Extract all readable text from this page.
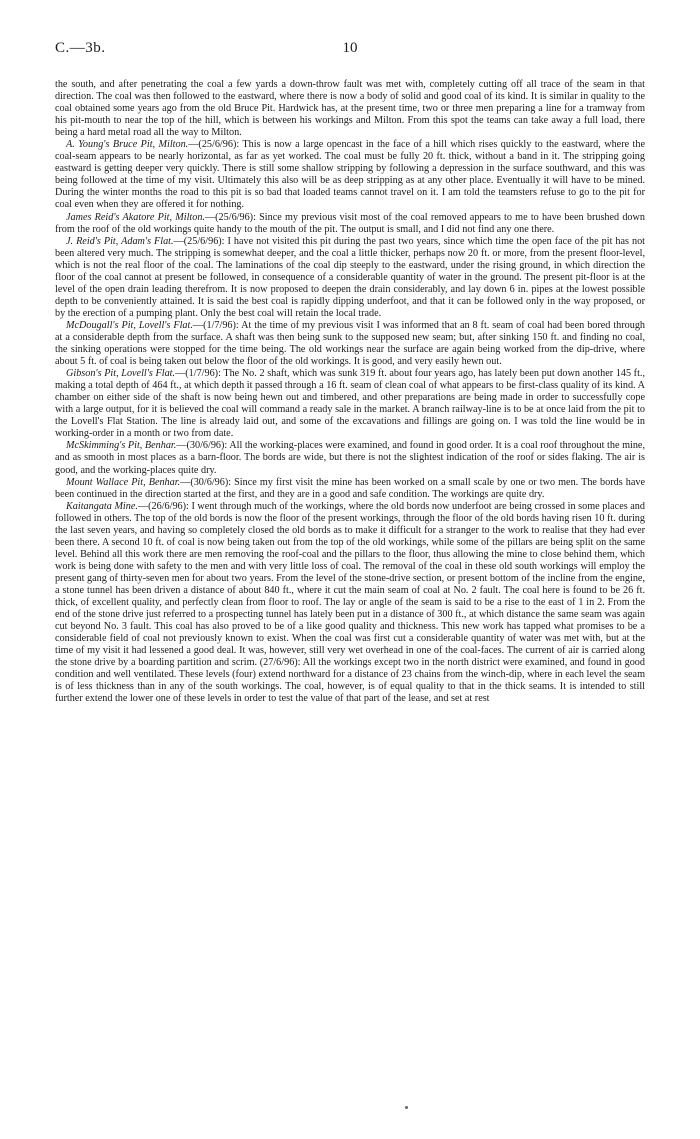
C.—3b.	10

the south, and after penetrating the coal a few yards a down-throw fault was met with, completely cutting off all trace of the seam in that direction. The coal was then followed to the eastward, where there is now a body of solid and good coal of its kind. It is similar in quality to the coal obtained some years ago from the old Bruce Pit. Hardwick has, at the present time, two or three men preparing a line for a tramway from his pit-mouth to near the top of the hill, which is between his workings and Milton. From this spot the teams can take away a full load, there being a hard metal road all the way to Milton.

A. Young's Bruce Pit, Milton.—(25/6/96): This is now a large opencast in the face of a hill which rises quickly to the eastward, where the coal-seam appears to be nearly horizontal, as far as yet worked. The coal must be fully 20 ft. thick, without a band in it. The stripping going eastward is getting deeper very quickly. There is still some shallow stripping by following a depression in the surface southward, and this was being followed at the time of my visit. Ultimately this also will be as deep stripping as at any other place. Eventually it will have to be mined. During the winter months the road to this pit is so bad that loaded teams cannot travel on it. I am told the teamsters refuse to go to the pit for coal even when they are offered it for nothing.

James Reid's Akatore Pit, Milton.—(25/6/96): Since my previous visit most of the coal removed appears to me to have been brushed down from the roof of the old workings quite handy to the mouth of the pit. The output is small, and I did not find any one there.

J. Reid's Pit, Adam's Flat.—(25/6/96): I have not visited this pit during the past two years, since which time the open face of the pit has not been altered very much. The stripping is somewhat deeper, and the coal a little thicker, perhaps now 20 ft. or more, from the present floor-level, which is not the real floor of the coal. The laminations of the coal dip steeply to the eastward, under the rising ground, in which direction the floor of the coal cannot at present be followed, in consequence of a considerable quantity of water in the ground. The present pit-floor is at the level of the open drain leading therefrom. It is now proposed to deepen the drain considerably, and lay down 6 in. pipes at the lowest possible depth to be conveniently attained. It is said the best coal is rapidly dipping underfoot, and that it can be followed only in the way proposed, or by the erection of a pumping plant. Only the best coal will retain the local trade.

McDougall's Pit, Lovell's Flat.—(1/7/96): At the time of my previous visit I was informed that an 8 ft. seam of coal had been bored through at a considerable depth from the surface. A shaft was then being sunk to the supposed new seam; but, after sinking 150 ft. and finding no coal, the sinking operations were stopped for the time being. The old workings near the surface are again being worked from the dip-drive, where about 5 ft. of coal is being taken out below the floor of the old workings. It is good, and very easily hewn out.

Gibson's Pit, Lovell's Flat.—(1/7/96): The No. 2 shaft, which was sunk 319 ft. about four years ago, has lately been put down another 145 ft., making a total depth of 464 ft., at which depth it passed through a 16 ft. seam of clean coal of what appears to be first-class quality of its kind. A chamber on either side of the shaft is now being hewn out and timbered, and other preparations are being made in order to successfully cope with a large output, for it is believed the coal will command a ready sale in the market. A branch railway-line is to be at once laid from the pit to the Lovell's Flat Station. The line is already laid out, and some of the excavations and fillings are going on. I was told the line would be in working-order in a month or two from date.

McSkimming's Pit, Benhar.—(30/6/96): All the working-places were examined, and found in good order. It is a coal roof throughout the mine, and as smooth in most places as a barn-floor. The bords are wide, but there is not the slightest indication of the roof or sides flaking. The air is good, and the working-places quite dry.

Mount Wallace Pit, Benhar.—(30/6/96): Since my first visit the mine has been worked on a small scale by one or two men. The bords have been continued in the direction started at the first, and they are in a good and safe condition. The workings are quite dry.

Kaitangata Mine.—(26/6/96): I went through much of the workings, where the old bords now underfoot are being crossed in some places and followed in others. The top of the old bords is now the floor of the present workings, through the floor of the old bords having risen 10 ft. during the last seven years, and having so completely closed the old bords as to make it difficult for a stranger to the work to realise that they had ever been there. A second 10 ft. of coal is now being taken out from the top of the old workings, while some of the pillars are being split on the same level. Behind all this work there are men removing the roof-coal and the pillars to the floor, thus allowing the mine to close behind them, which work is being done with safety to the men and with very little loss of coal. The removal of the coal in these old south workings will employ the present gang of thirty-seven men for about two years. From the level of the stone-drive section, or present bottom of the incline from the engine, a stone tunnel has been driven a distance of about 840 ft., where it cut the main seam of coal at No. 2 fault. The coal here is found to be 26 ft. thick, of excellent quality, and perfectly clean from floor to roof. The lay or angle of the seam is said to be a rise to the east of 1 in 2. From the end of the stone drive just referred to a prospecting tunnel has lately been put in a distance of 300 ft., at which distance the same seam was again cut beyond No. 3 fault. This coal has also proved to be of a like good quality and thickness. This new work has tapped what promises to be a considerable field of coal not previously known to exist. When the coal was first cut a considerable quantity of water was met with, but at the time of my visit it had lessened a good deal. It was, however, still very wet overhead in one of the coal-faces. The current of air is carried along the stone drive by a boarding partition and scrim. (27/6/96): All the workings except two in the north district were examined, and found in good condition and well ventilated. These levels (four) extend northward for a distance of 23 chains from the winch-dip, where in each level the seam is of less thickness than in any of the south workings. The coal, however, is of equal quality to that in the thick seams. It is intended to still further extend the lower one of these levels in order to test the value of that part of the lease, and set at rest
